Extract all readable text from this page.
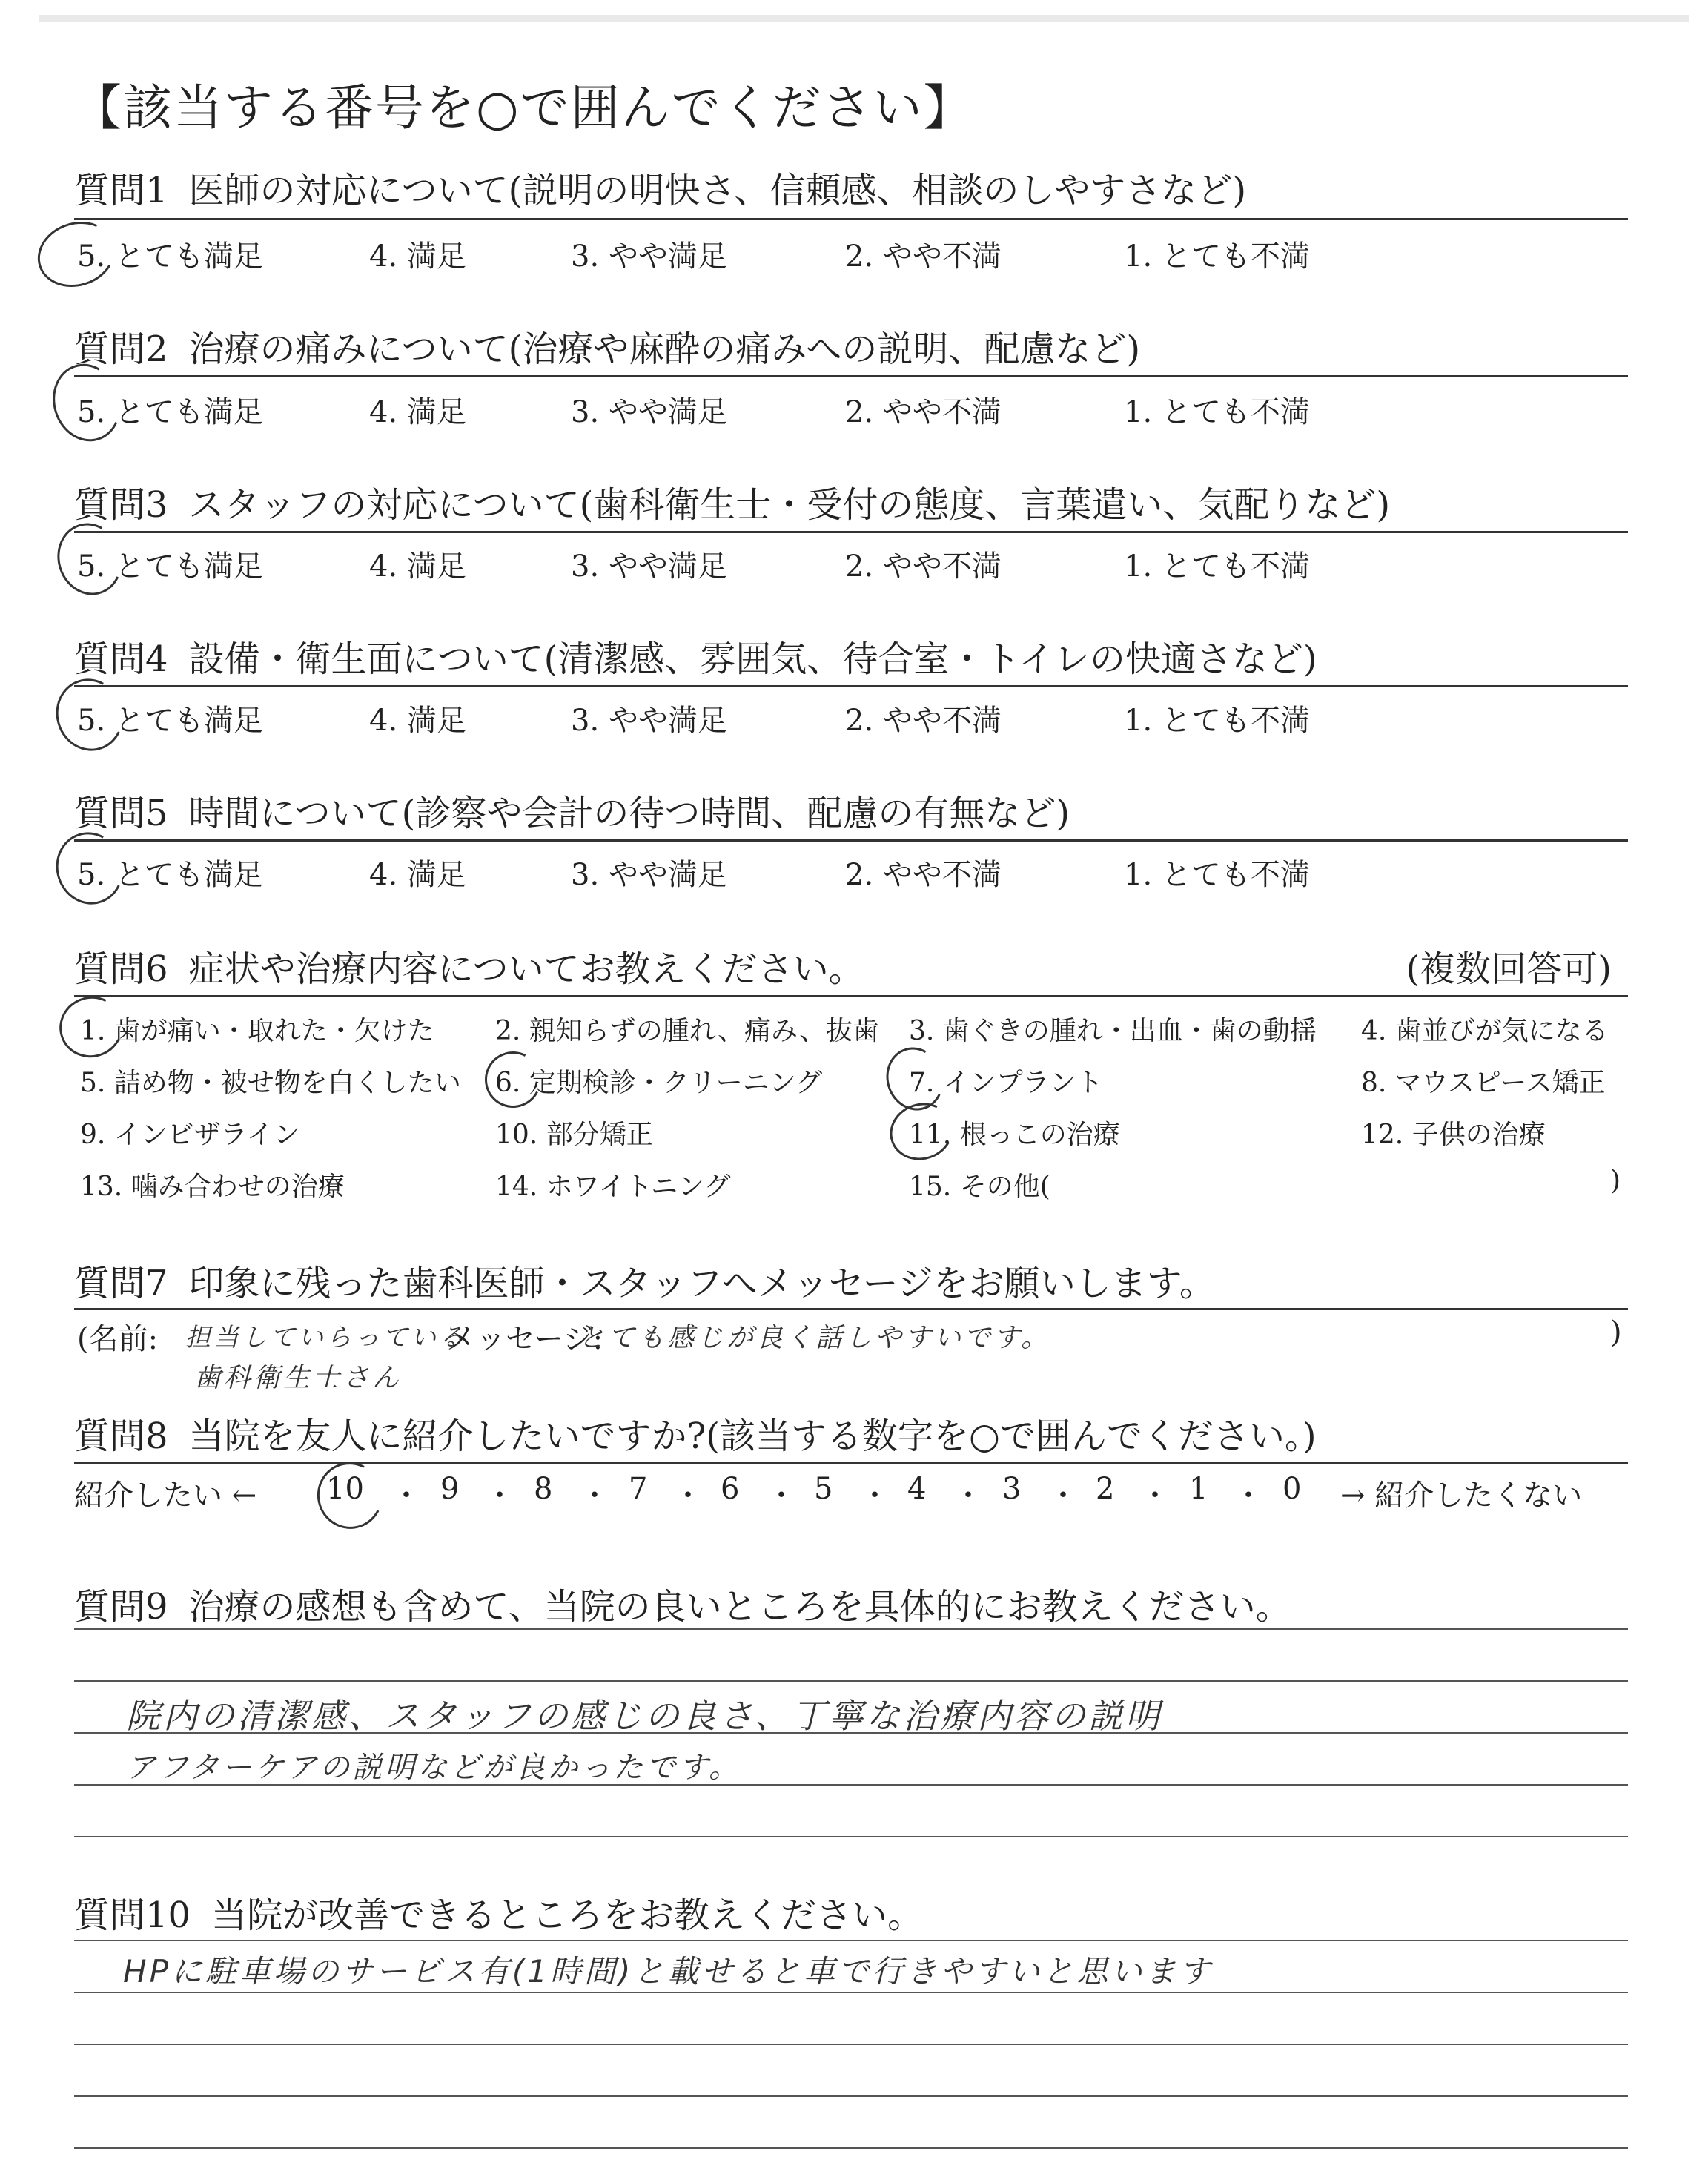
【該当する番号を○で囲んでください】
質問1 医師の対応について(説明の明快さ、信頼感、相談のしやすさなど)
5. とても満足	4. 満足	3. やや満足	2. やや不満	1. とても不満
質問2 治療の痛みについて(治療や麻酔の痛みへの説明、配慮など)
5. とても満足	4. 満足	3. やや満足	2. やや不満	1. とても不満
質問3 スタッフの対応について(歯科衛生士・受付の態度、言葉遣い、気配りなど)
5. とても満足	4. 満足	3. やや満足	2. やや不満	1. とても不満
質問4 設備・衛生面について(清潔感、雰囲気、待合室・トイレの快適さなど)
5. とても満足	4. 満足	3. やや満足	2. やや不満	1. とても不満
質問5 時間について(診察や会計の待つ時間、配慮の有無など)
5. とても満足	4. 満足	3. やや満足	2. やや不満	1. とても不満
質問6 症状や治療内容についてお教えください。	(複数回答可)
1. 歯が痛い・取れた・欠けた 2. 親知らずの腫れ、痛み、抜歯 3. 歯ぐきの腫れ・出血・歯の動揺 4. 歯並びが気になる
5. 詰め物・被せ物を白くしたい 6. 定期検診・クリーニング	7. インプラント	8. マウスピース矯正
9. インビザライン	10. 部分矯正	11. 根っこの治療	12. 子供の治療
13. 噛み合わせの治療	14. ホワイトニング	15. その他(	)
質問7 印象に残った歯科医師・スタッフへメッセージをお願いします。
(名前: 担当していらっている
メッセージ:
とても感じが良く話しやすいです。	)
歯科衛生士さん
質問8 当院を友人に紹介したいですか?(該当する数字を○で囲んでください。)
紹介したい ← 10 ・ 9 ・ 8 ・ 7 ・ 6 ・ 5 ・ 4 ・ 3 ・ 2 ・ 1 ・ 0 → 紹介したくない
質問9 治療の感想も含めて、当院の良いところを具体的にお教えください。
院内の清潔感、スタッフの感じの良さ、丁寧な治療内容の説明
アフターケアの説明などが良かったです。
質問10 当院が改善できるところをお教えください。
HPに駐車場のサービス有(1時間)と載せると車で行きやすいと思います
